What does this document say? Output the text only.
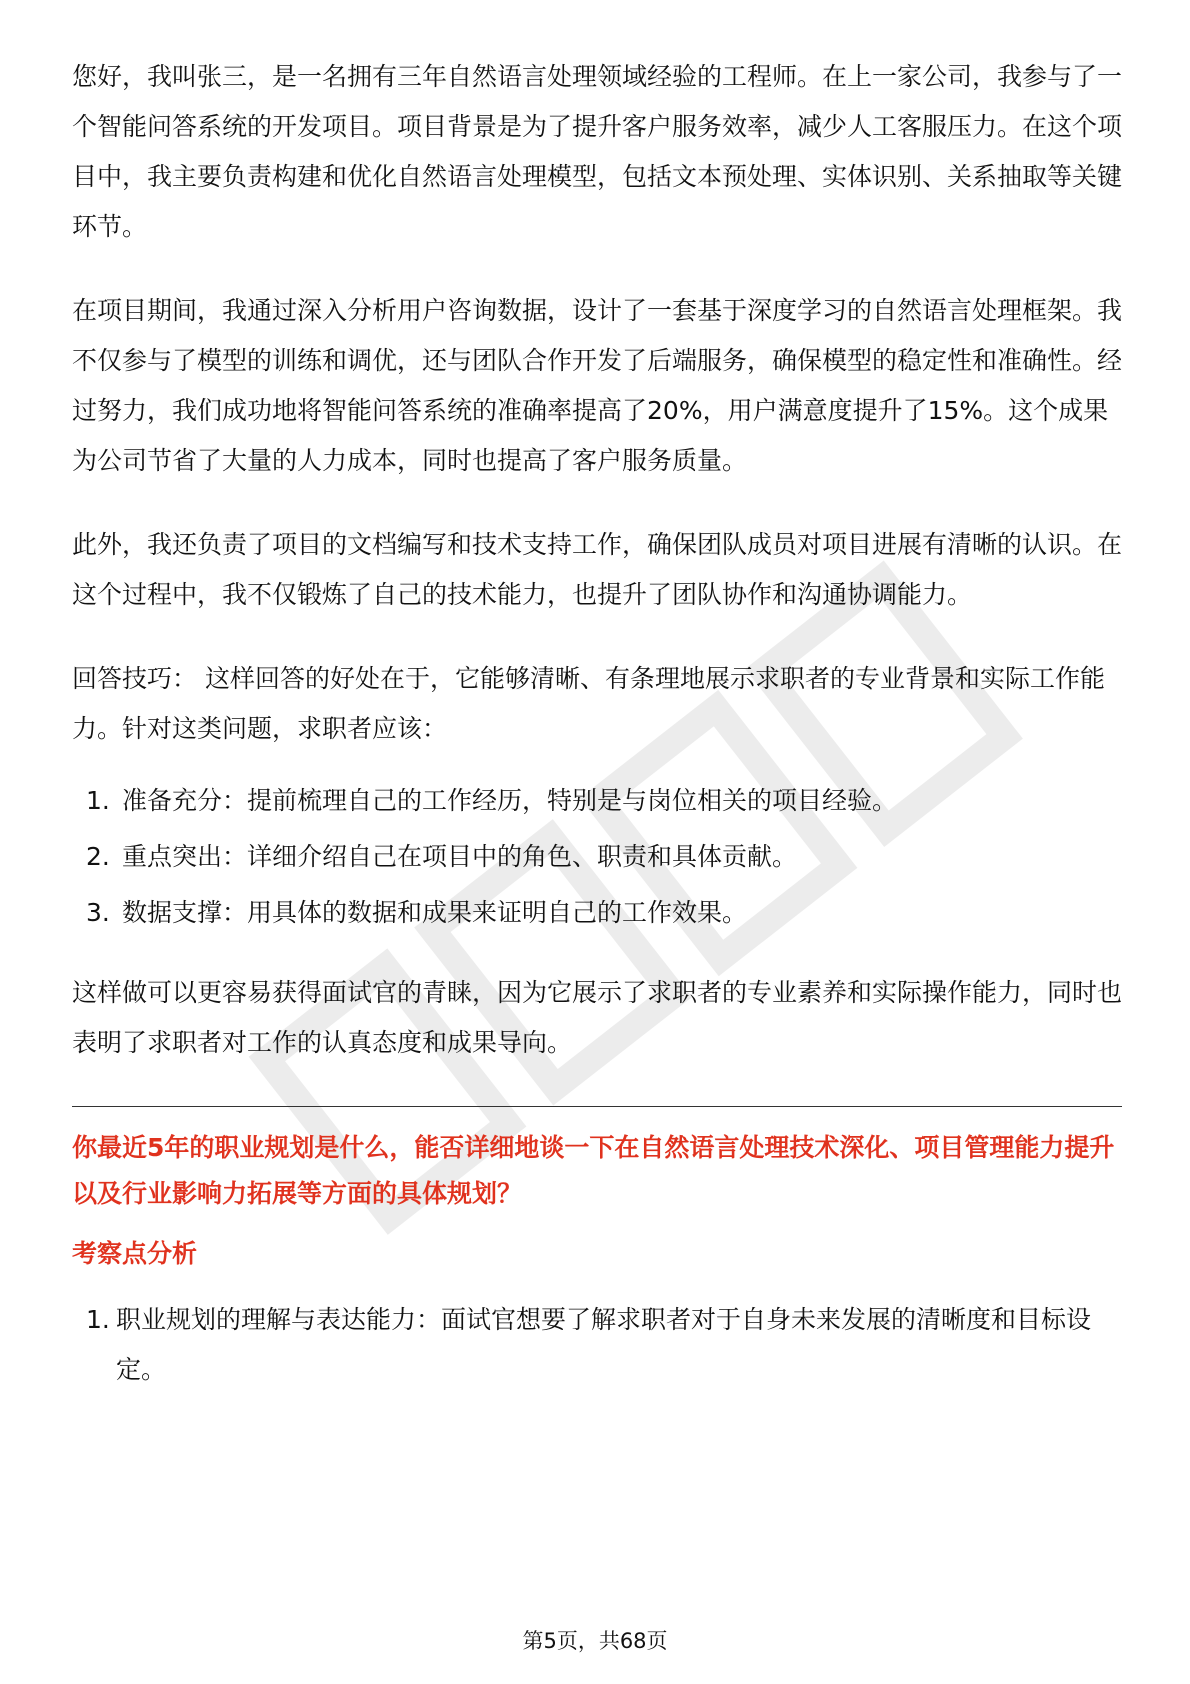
您好，我叫张三，是一名拥有三年自然语言处理领域经验的工程师。在上一家公司，我参与了一个智能问答系统的开发项目。项目背景是为了提升客户服务效率，减少人工客服压力。在这个项目中，我主要负责构建和优化自然语言处理模型，包括文本预处理、实体识别、关系抽取等关键环节。

在项目期间，我通过深入分析用户咨询数据，设计了一套基于深度学习的自然语言处理框架。我不仅参与了模型的训练和调优，还与团队合作开发了后端服务，确保模型的稳定性和准确性。经过努力，我们成功地将智能问答系统的准确率提高了20%，用户满意度提升了15%。这个成果为公司节省了大量的人力成本，同时也提高了客户服务质量。

此外，我还负责了项目的文档编写和技术支持工作，确保团队成员对项目进展有清晰的认识。在这个过程中，我不仅锻炼了自己的技术能力，也提升了团队协作和沟通协调能力。

回答技巧： 这样回答的好处在于，它能够清晰、有条理地展示求职者的专业背景和实际工作能力。针对这类问题，求职者应该：

1. 准备充分：提前梳理自己的工作经历，特别是与岗位相关的项目经验。
2. 重点突出：详细介绍自己在项目中的角色、职责和具体贡献。
3. 数据支撑：用具体的数据和成果来证明自己的工作效果。

这样做可以更容易获得面试官的青睐，因为它展示了求职者的专业素养和实际操作能力，同时也表明了求职者对工作的认真态度和成果导向。

你最近5年的职业规划是什么，能否详细地谈一下在自然语言处理技术深化、项目管理能力提升以及行业影响力拓展等方面的具体规划？

考察点分析

1. 职业规划的理解与表达能力：面试官想要了解求职者对于自身未来发展的清晰度和目标设定。
第5页，共68页
